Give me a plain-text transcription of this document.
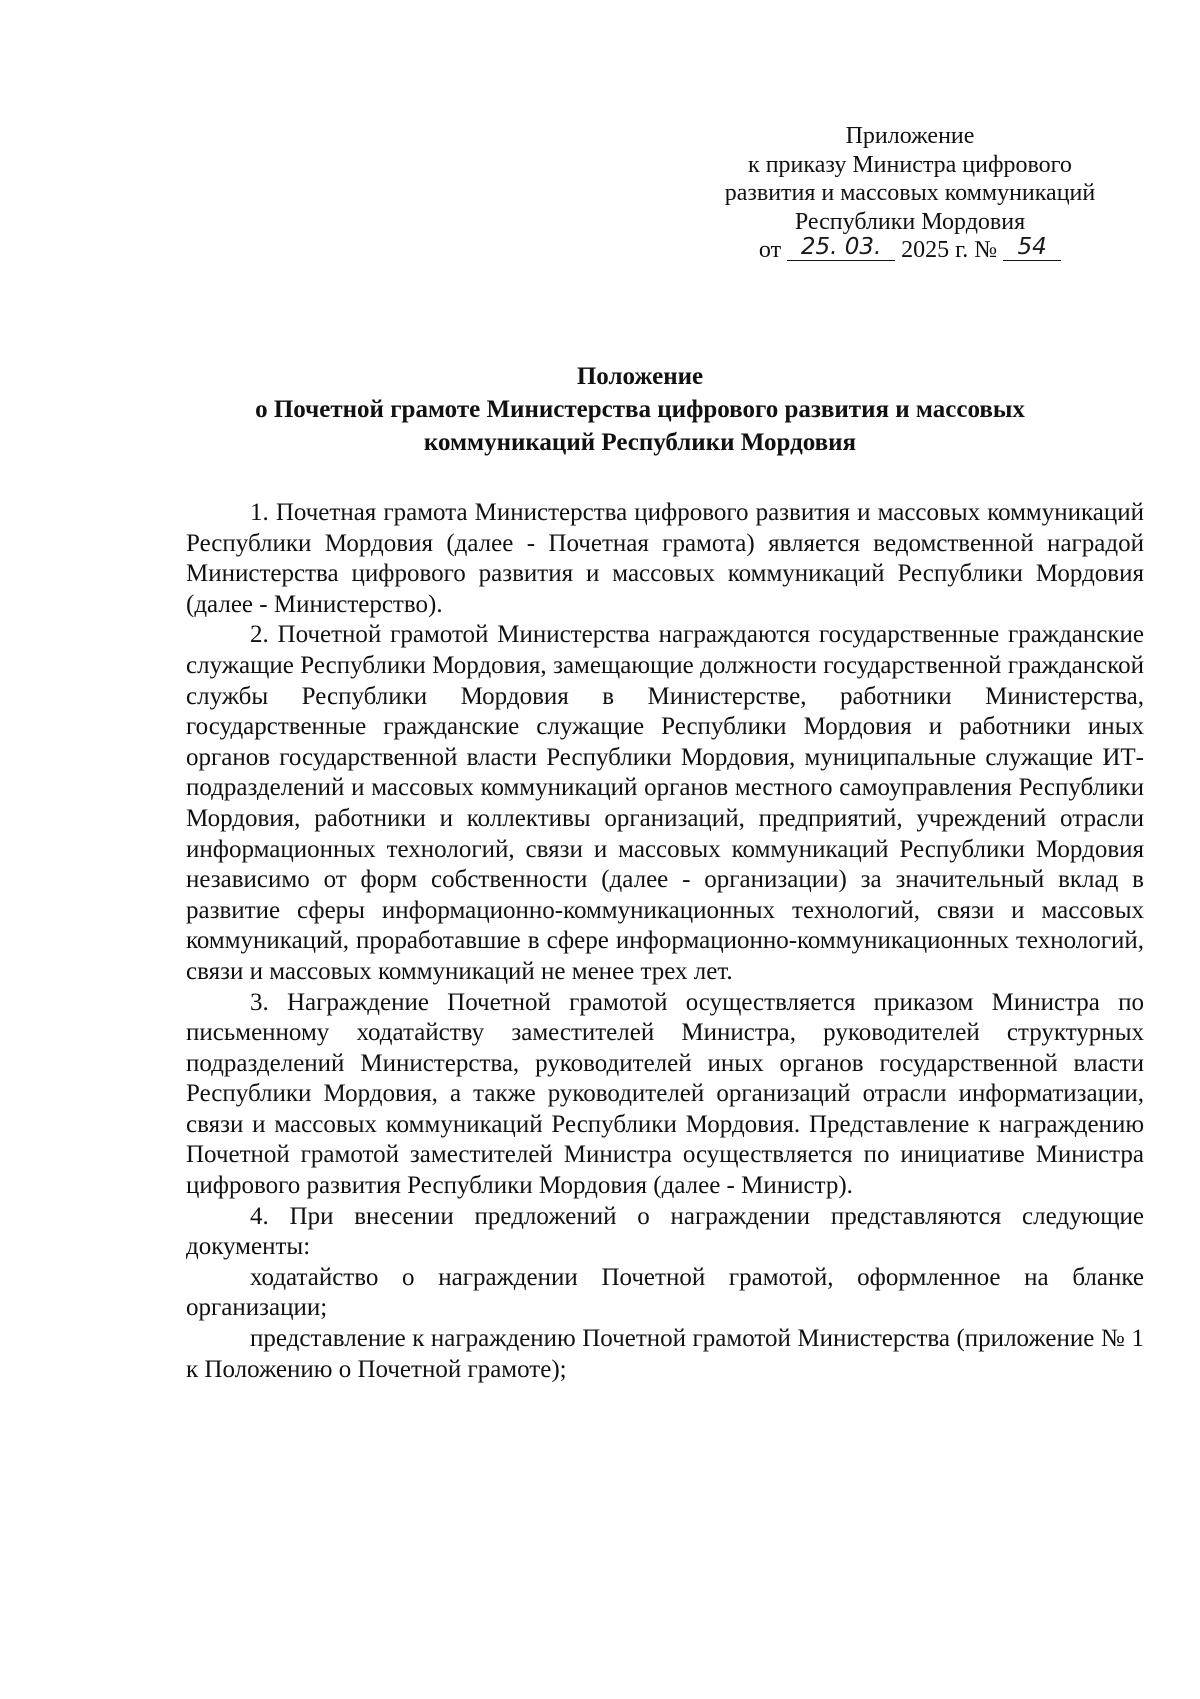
Приложение
к приказу Министра цифрового
развития и массовых коммуникаций
Республики Мордовия
от 25. 03. 2025 г. № 54
Положение
о Почетной грамоте Министерства цифрового развития и массовых
коммуникаций Республики Мордовия

1. Почетная грамота Министерства цифрового развития и массовых коммуникаций Республики Мордовия (далее - Почетная грамота) является ведомственной наградой Министерства цифрового развития и массовых коммуникаций Республики Мордовия (далее - Министерство).

2. Почетной грамотой Министерства награждаются государственные гражданские служащие Республики Мордовия, замещающие должности государственной гражданской службы Республики Мордовия в Министерстве, работники Министерства, государственные гражданские служащие Республики Мордовия и работники иных органов государственной власти Республики Мордовия, муниципальные служащие ИТ-подразделений и массовых коммуникаций органов местного самоуправления Республики Мордовия, работники и коллективы организаций, предприятий, учреждений отрасли информационных технологий, связи и массовых коммуникаций Республики Мордовия независимо от форм собственности (далее - организации) за значительный вклад в развитие сферы информационно-коммуникационных технологий, связи и массовых коммуникаций, проработавшие в сфере информационно-коммуникационных технологий, связи и массовых коммуникаций не менее трех лет.

3. Награждение Почетной грамотой осуществляется приказом Министра по письменному ходатайству заместителей Министра, руководителей структурных подразделений Министерства, руководителей иных органов государственной власти Республики Мордовия, а также руководителей организаций отрасли информатизации, связи и массовых коммуникаций Республики Мордовия. Представление к награждению Почетной грамотой заместителей Министра осуществляется по инициативе Министра цифрового развития Республики Мордовия (далее - Министр).

4. При внесении предложений о награждении представляются следующие документы:

ходатайство о награждении Почетной грамотой, оформленное на бланке организации;

представление к награждению Почетной грамотой Министерства (приложение № 1 к Положению о Почетной грамоте);
